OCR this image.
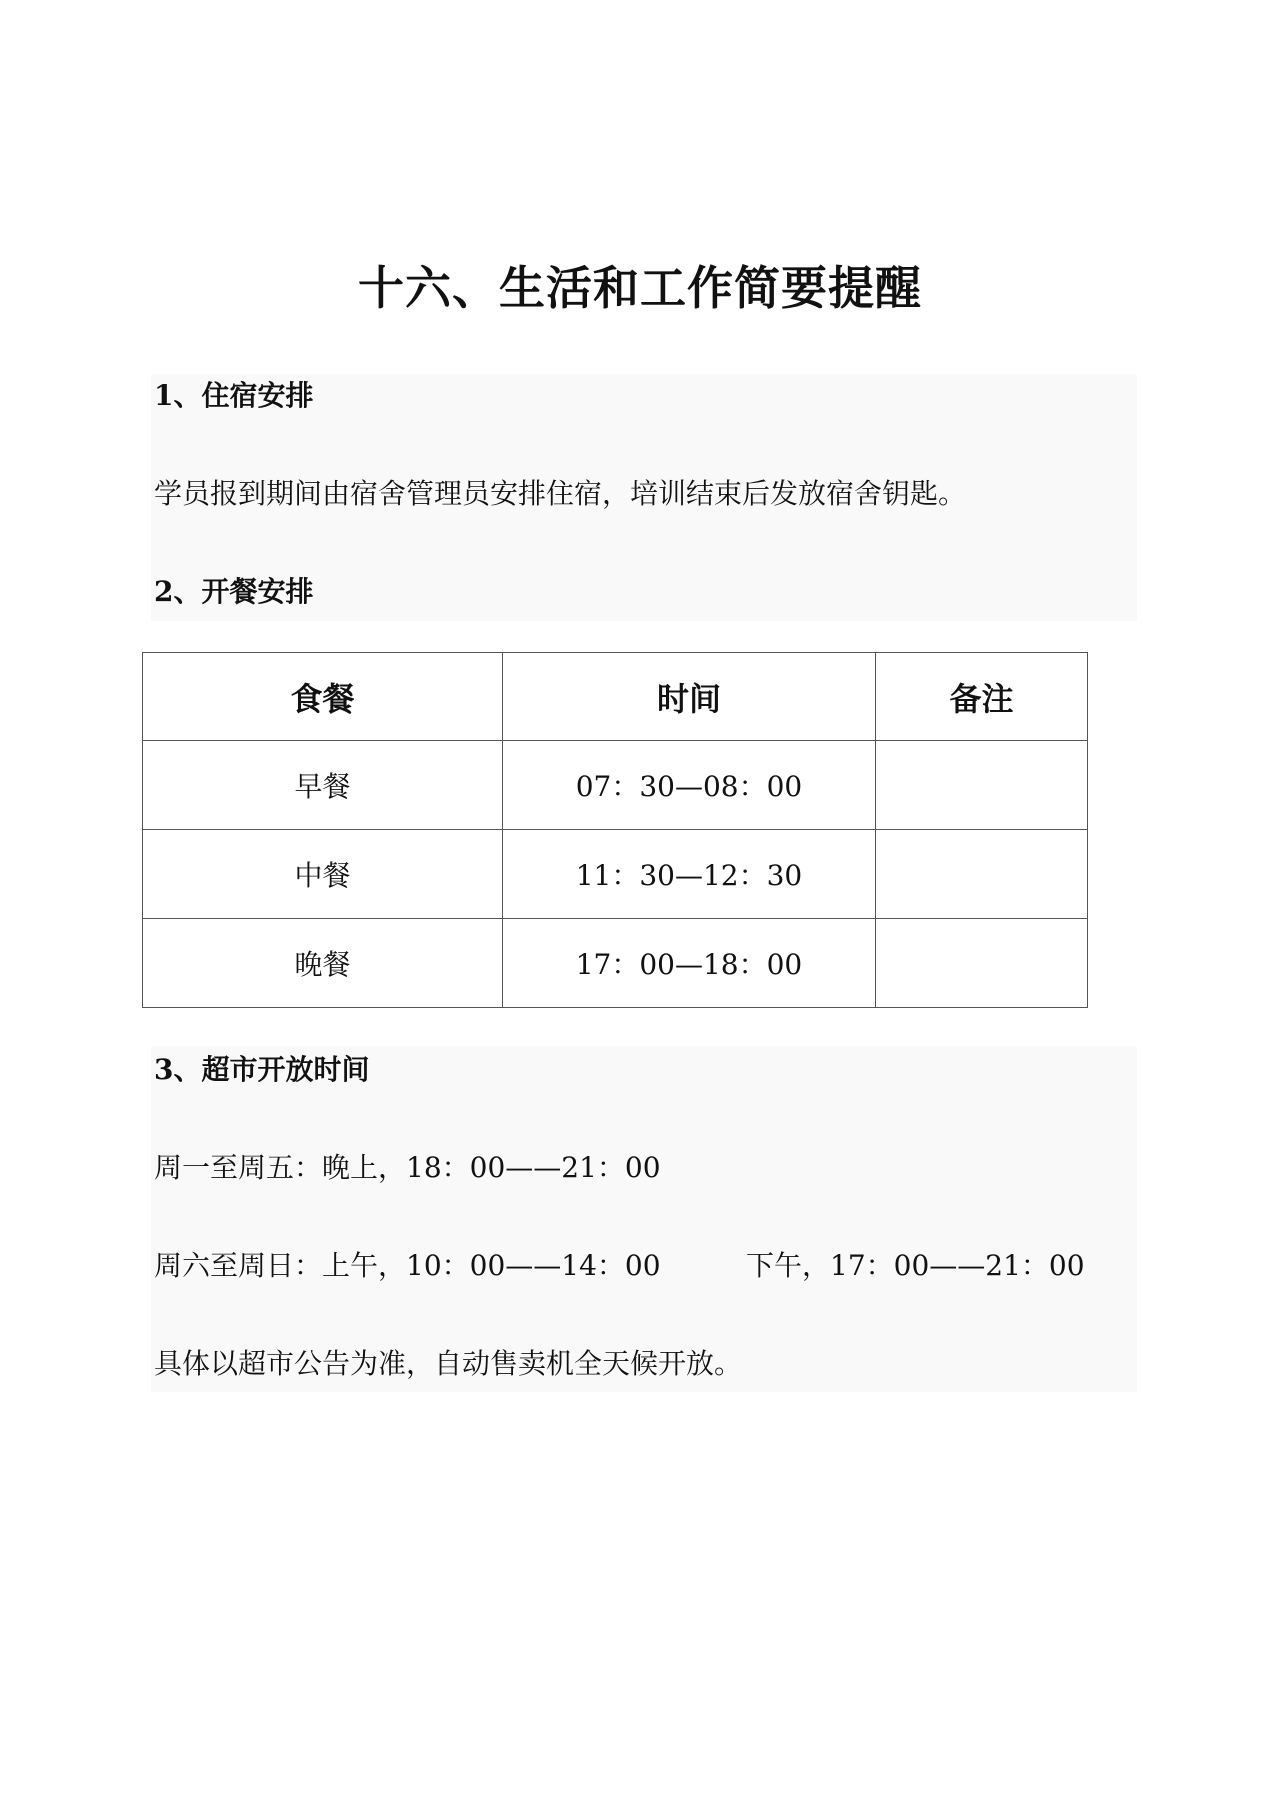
十六、生活和工作简要提醒
1、住宿安排
学员报到期间由宿舍管理员安排住宿，培训结束后发放宿舍钥匙。
2、开餐安排
食餐	时间	备注
早餐	07：30—08：00	
中餐	11：30—12：30	
晚餐	17：00—18：00	
3、超市开放时间
周一至周五：晚上，18：00——21：00
周六至周日：上午，10：00——14：00	下午，17：00——21：00
具体以超市公告为准，自动售卖机全天候开放。
